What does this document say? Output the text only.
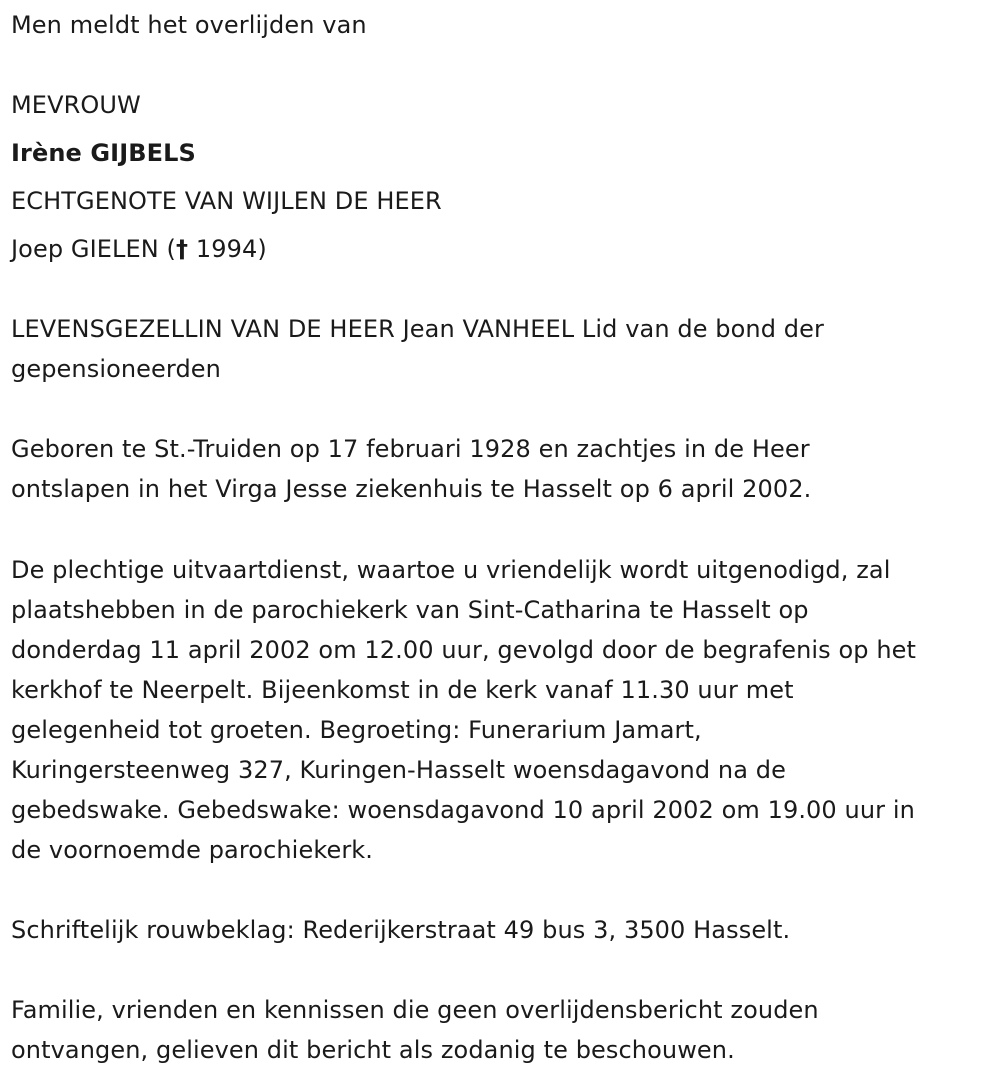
Men meldt het overlijden van
MEVROUW
Irène GIJBELS
ECHTGENOTE VAN WIJLEN DE HEER
Joep GIELEN († 1994)
LEVENSGEZELLIN VAN DE HEER Jean VANHEEL Lid van de bond der
gepensioneerden
Geboren te St.-Truiden op 17 februari 1928 en zachtjes in de Heer
ontslapen in het Virga Jesse ziekenhuis te Hasselt op 6 april 2002.
De plechtige uitvaartdienst, waartoe u vriendelijk wordt uitgenodigd, zal
plaatshebben in de parochiekerk van Sint-Catharina te Hasselt op
donderdag 11 april 2002 om 12.00 uur, gevolgd door de begrafenis op het
kerkhof te Neerpelt. Bijeenkomst in de kerk vanaf 11.30 uur met
gelegenheid tot groeten. Begroeting: Funerarium Jamart,
Kuringersteenweg 327, Kuringen-Hasselt woensdagavond na de
gebedswake. Gebedswake: woensdagavond 10 april 2002 om 19.00 uur in
de voornoemde parochiekerk.
Schriftelijk rouwbeklag: Rederijkerstraat 49 bus 3, 3500 Hasselt.
Familie, vrienden en kennissen die geen overlijdensbericht zouden
ontvangen, gelieven dit bericht als zodanig te beschouwen.
